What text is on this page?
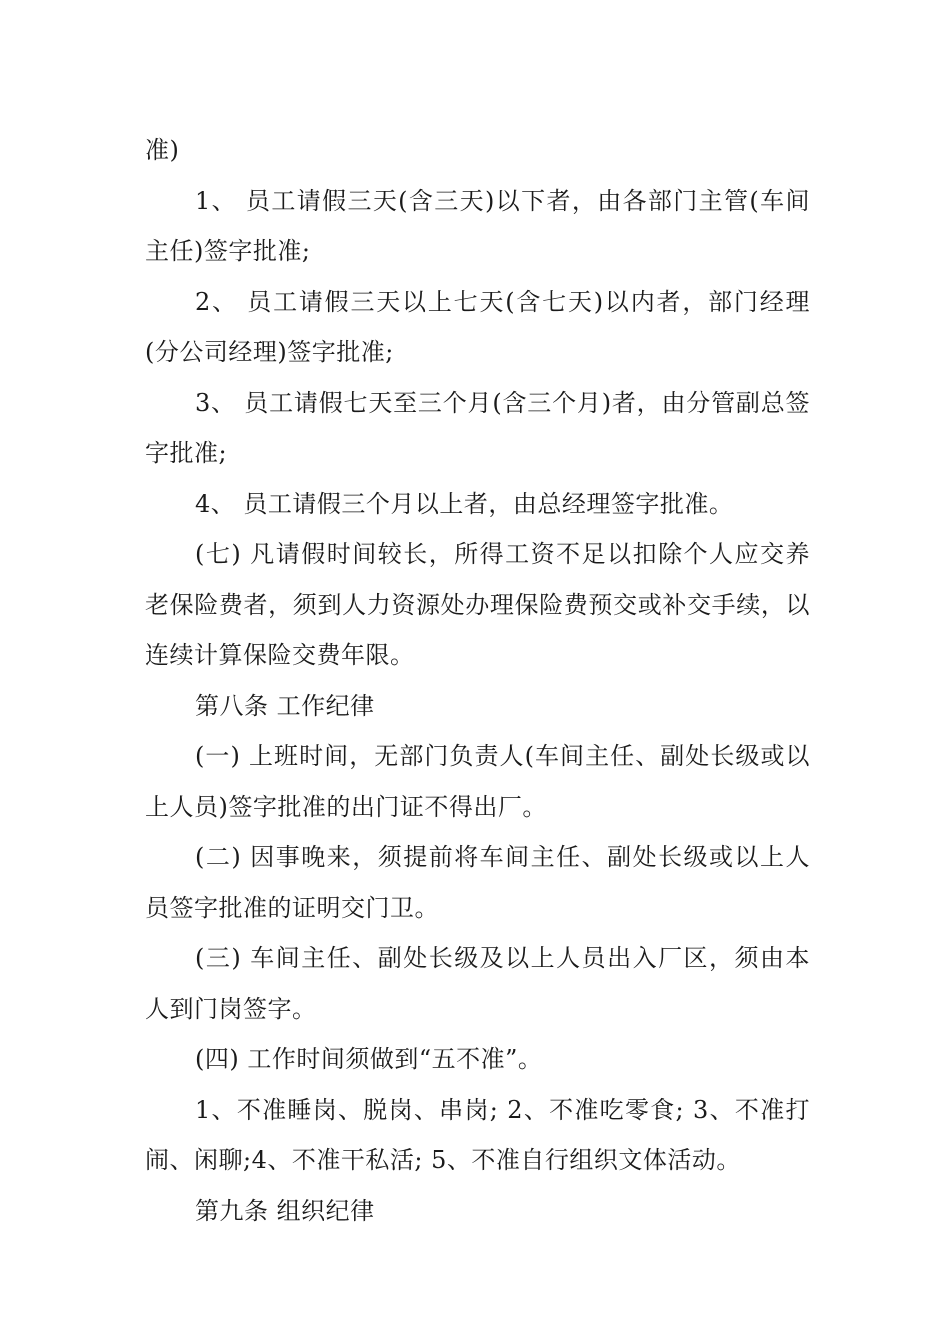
准)

1、 员工请假三天(含三天)以下者，由各部门主管(车间主任)签字批准;

2、 员工请假三天以上七天(含七天)以内者，部门经理(分公司经理)签字批准;

3、 员工请假七天至三个月(含三个月)者，由分管副总签字批准;

4、 员工请假三个月以上者，由总经理签字批准。

(七) 凡请假时间较长，所得工资不足以扣除个人应交养老保险费者，须到人力资源处办理保险费预交或补交手续，以连续计算保险交费年限。

第八条 工作纪律

(一) 上班时间，无部门负责人(车间主任、副处长级或以上人员)签字批准的出门证不得出厂。

(二) 因事晚来，须提前将车间主任、副处长级或以上人员签字批准的证明交门卫。

(三) 车间主任、副处长级及以上人员出入厂区，须由本人到门岗签字。

(四) 工作时间须做到“五不准”。

1、不准睡岗、脱岗、串岗; 2、不准吃零食; 3、不准打闹、闲聊;4、不准干私活; 5、不准自行组织文体活动。

第九条 组织纪律
